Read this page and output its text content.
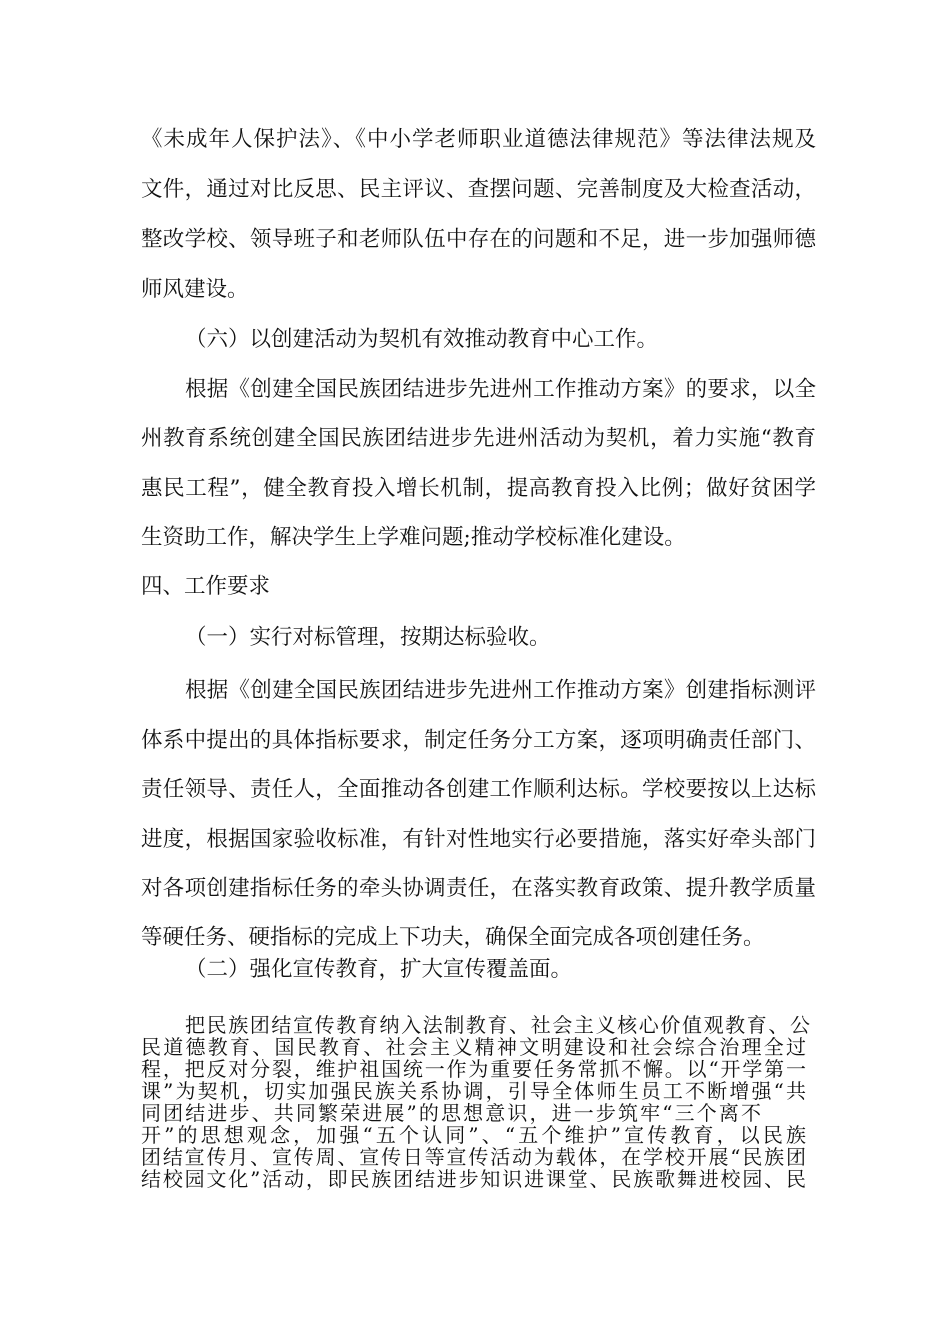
《未成年人保护法》、《中小学老师职业道德法律规范》等法律法规及
文件，通过对比反思、民主评议、查摆问题、完善制度及大检查活动，
整改学校、领导班子和老师队伍中存在的问题和不足，进一步加强师德
师风建设。
（六）以创建活动为契机有效推动教育中心工作。
根据《创建全国民族团结进步先进州工作推动方案》的要求，以全
州教育系统创建全国民族团结进步先进州活动为契机，着力实施“教育
惠民工程”，健全教育投入增长机制，提高教育投入比例；做好贫困学
生资助工作，解决学生上学难问题;推动学校标准化建设。
四、工作要求
（一）实行对标管理，按期达标验收。
根据《创建全国民族团结进步先进州工作推动方案》创建指标测评
体系中提出的具体指标要求，制定任务分工方案，逐项明确责任部门、
责任领导、责任人，全面推动各创建工作顺利达标。学校要按以上达标
进度，根据国家验收标准，有针对性地实行必要措施，落实好牵头部门
对各项创建指标任务的牵头协调责任，在落实教育政策、提升教学质量
等硬任务、硬指标的完成上下功夫，确保全面完成各项创建任务。
（二）强化宣传教育，扩大宣传覆盖面。
把民族团结宣传教育纳入法制教育、社会主义核心价值观教育、公
民道德教育、国民教育、社会主义精神文明建设和社会综合治理全过
程，把反对分裂，维护祖国统一作为重要任务常抓不懈。以“开学第一
课”为契机，切实加强民族关系协调，引导全体师生员工不断增强“共
同团结进步、共同繁荣进展”的思想意识，进一步筑牢“三个离不
开”的思想观念，加强“五个认同”、“五个维护”宣传教育，以民族
团结宣传月、宣传周、宣传日等宣传活动为载体，在学校开展“民族团
结校园文化”活动，即民族团结进步知识进课堂、民族歌舞进校园、民
